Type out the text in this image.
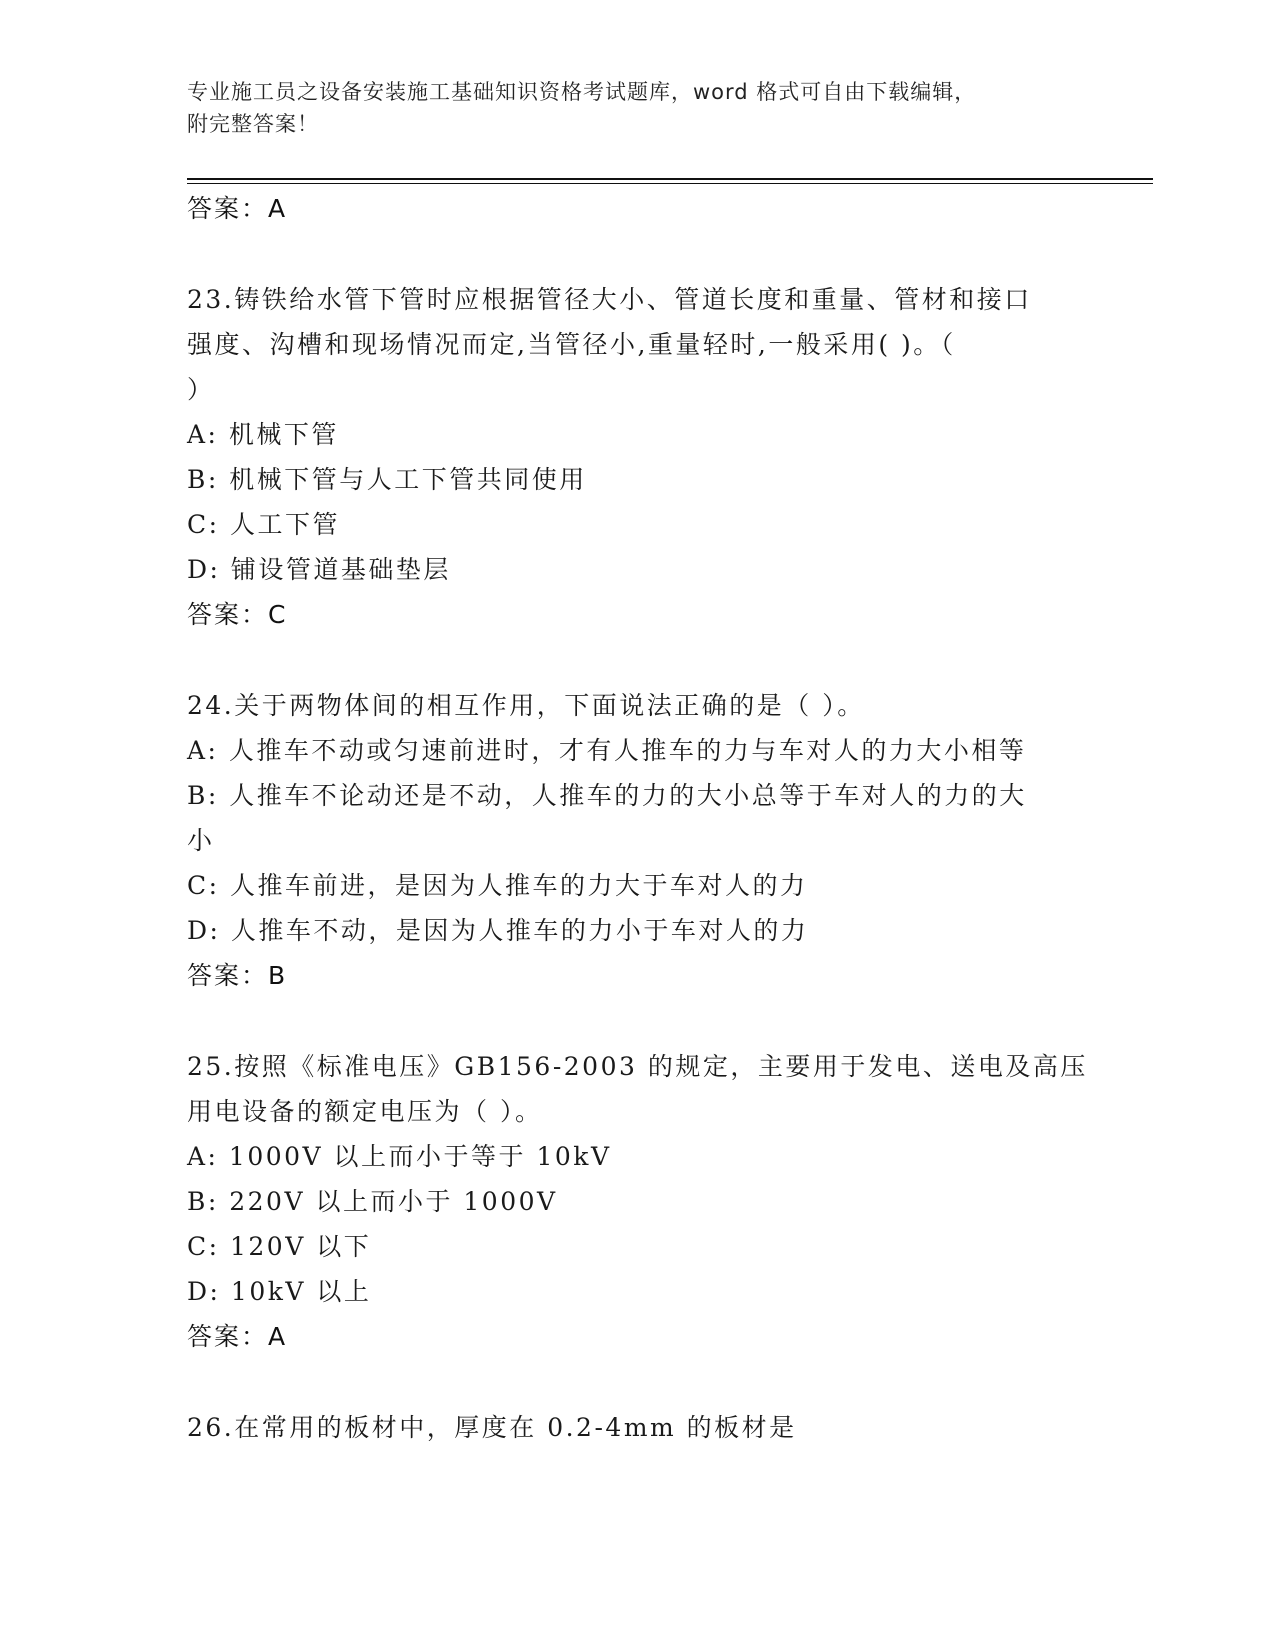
专业施工员之设备安装施工基础知识资格考试题库，word 格式可自由下载编辑，
附完整答案！
答案：A
23.铸铁给水管下管时应根据管径大小、管道长度和重量、管材和接口
强度、沟槽和现场情况而定,当管径小,重量轻时,一般采用( )。（
）
A: 机械下管
B: 机械下管与人工下管共同使用
C: 人工下管
D: 铺设管道基础垫层
答案：C
24.关于两物体间的相互作用，下面说法正确的是（ ）。
A: 人推车不动或匀速前进时，才有人推车的力与车对人的力大小相等
B: 人推车不论动还是不动，人推车的力的大小总等于车对人的力的大
小
C: 人推车前进，是因为人推车的力大于车对人的力
D: 人推车不动，是因为人推车的力小于车对人的力
答案：B
25.按照《标准电压》GB156-2003 的规定，主要用于发电、送电及高压
用电设备的额定电压为（ ）。
A: 1000V 以上而小于等于 10kV
B: 220V 以上而小于 1000V
C: 120V 以下
D: 10kV 以上
答案：A
26.在常用的板材中，厚度在 0.2-4mm 的板材是
